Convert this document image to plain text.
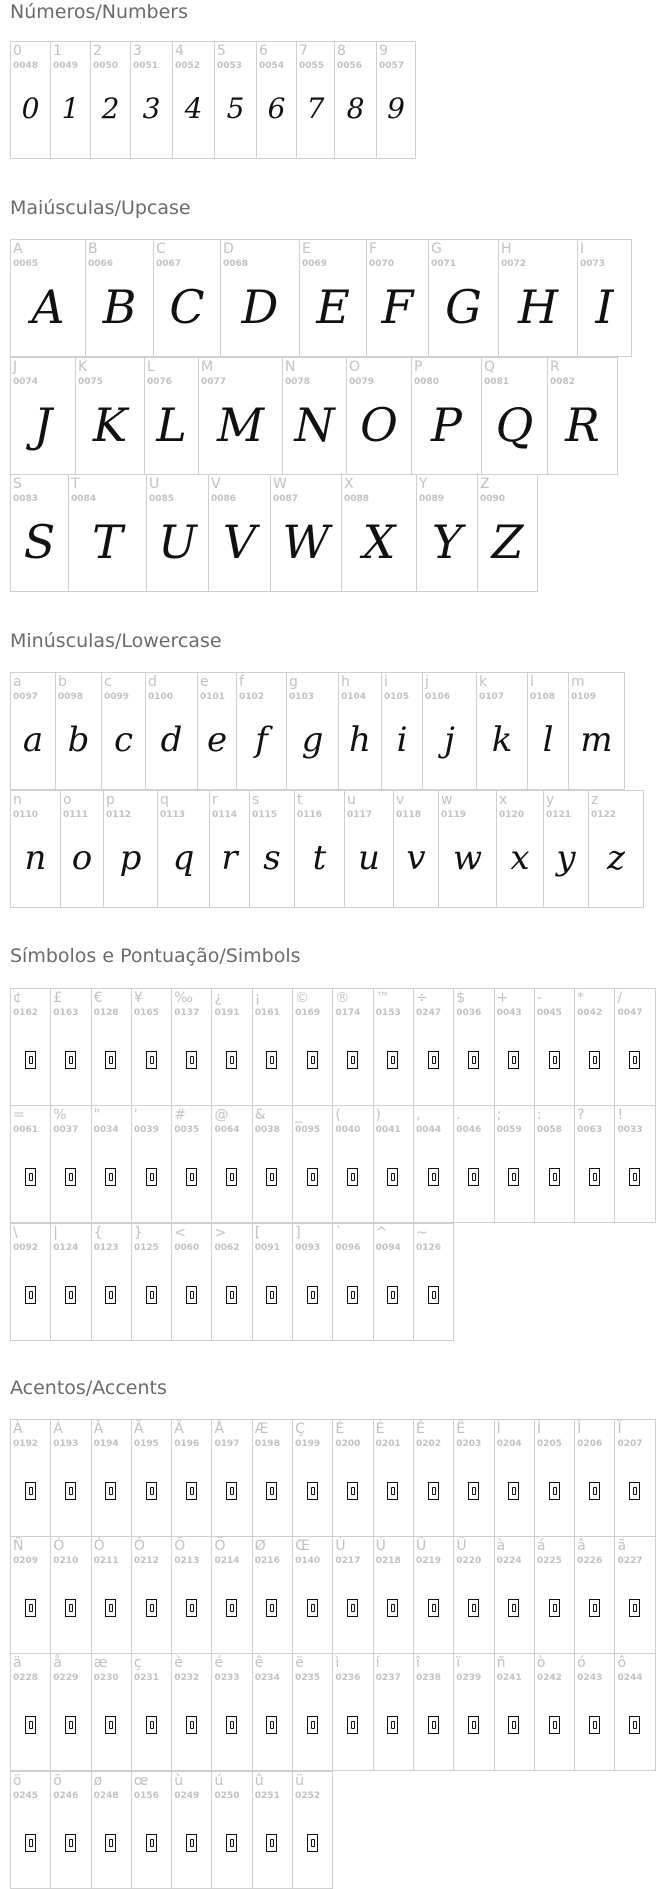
Números/Numbers
0
0048
0
1
0049
1
2
0050
2
3
0051
3
4
0052
4
5
0053
5
6
0054
6
7
0055
7
8
0056
8
9
0057
9
Maiúsculas/Upcase
A
0065
A
B
0066
B
C
0067
C
D
0068
D
E
0069
E
F
0070
F
G
0071
G
H
0072
H
I
0073
I
J
0074
J
K
0075
K
L
0076
L
M
0077
M
N
0078
N
O
0079
O
P
0080
P
Q
0081
Q
R
0082
R
S
0083
S
T
0084
T
U
0085
U
V
0086
V
W
0087
W
X
0088
X
Y
0089
Y
Z
0090
Z
Minúsculas/Lowercase
a
0097
a
b
0098
b
c
0099
c
d
0100
d
e
0101
e
f
0102
f
g
0103
g
h
0104
h
i
0105
i
j
0106
j
k
0107
k
l
0108
l
m
0109
m
n
0110
n
o
0111
o
p
0112
p
q
0113
q
r
0114
r
s
0115
s
t
0116
t
u
0117
u
v
0118
v
w
0119
w
x
0120
x
y
0121
y
z
0122
z
Símbolos e Pontuação/Simbols
¢
0162
£
0163
€
0128
¥
0165
‰
0137
¿
0191
¡
0161
©
0169
®
0174
™
0153
÷
0247
$
0036
+
0043
-
0045
*
0042
/
0047
=
0061
%
0037
"
0034
'
0039
#
0035
@
0064
&
0038
_
0095
(
0040
)
0041
,
0044
.
0046
;
0059
:
0058
?
0063
!
0033
\
0092
|
0124
{
0123
}
0125
<
0060
>
0062
[
0091
]
0093
`
0096
^
0094
~
0126
Acentos/Accents
À
0192
Á
0193
Â
0194
Ã
0195
Ä
0196
Å
0197
Æ
0198
Ç
0199
È
0200
É
0201
Ê
0202
Ë
0203
Ì
0204
Í
0205
Î
0206
Ï
0207
Ñ
0209
Ò
0210
Ó
0211
Ô
0212
Õ
0213
Ö
0214
Ø
0216
Œ
0140
Ù
0217
Ú
0218
Û
0219
Ü
0220
à
0224
á
0225
â
0226
ã
0227
ä
0228
å
0229
æ
0230
ç
0231
è
0232
é
0233
ê
0234
ë
0235
ì
0236
í
0237
î
0238
ï
0239
ñ
0241
ò
0242
ó
0243
ô
0244
ö
0245
õ
0246
ø
0248
œ
0156
ù
0249
ú
0250
û
0251
ü
0252
